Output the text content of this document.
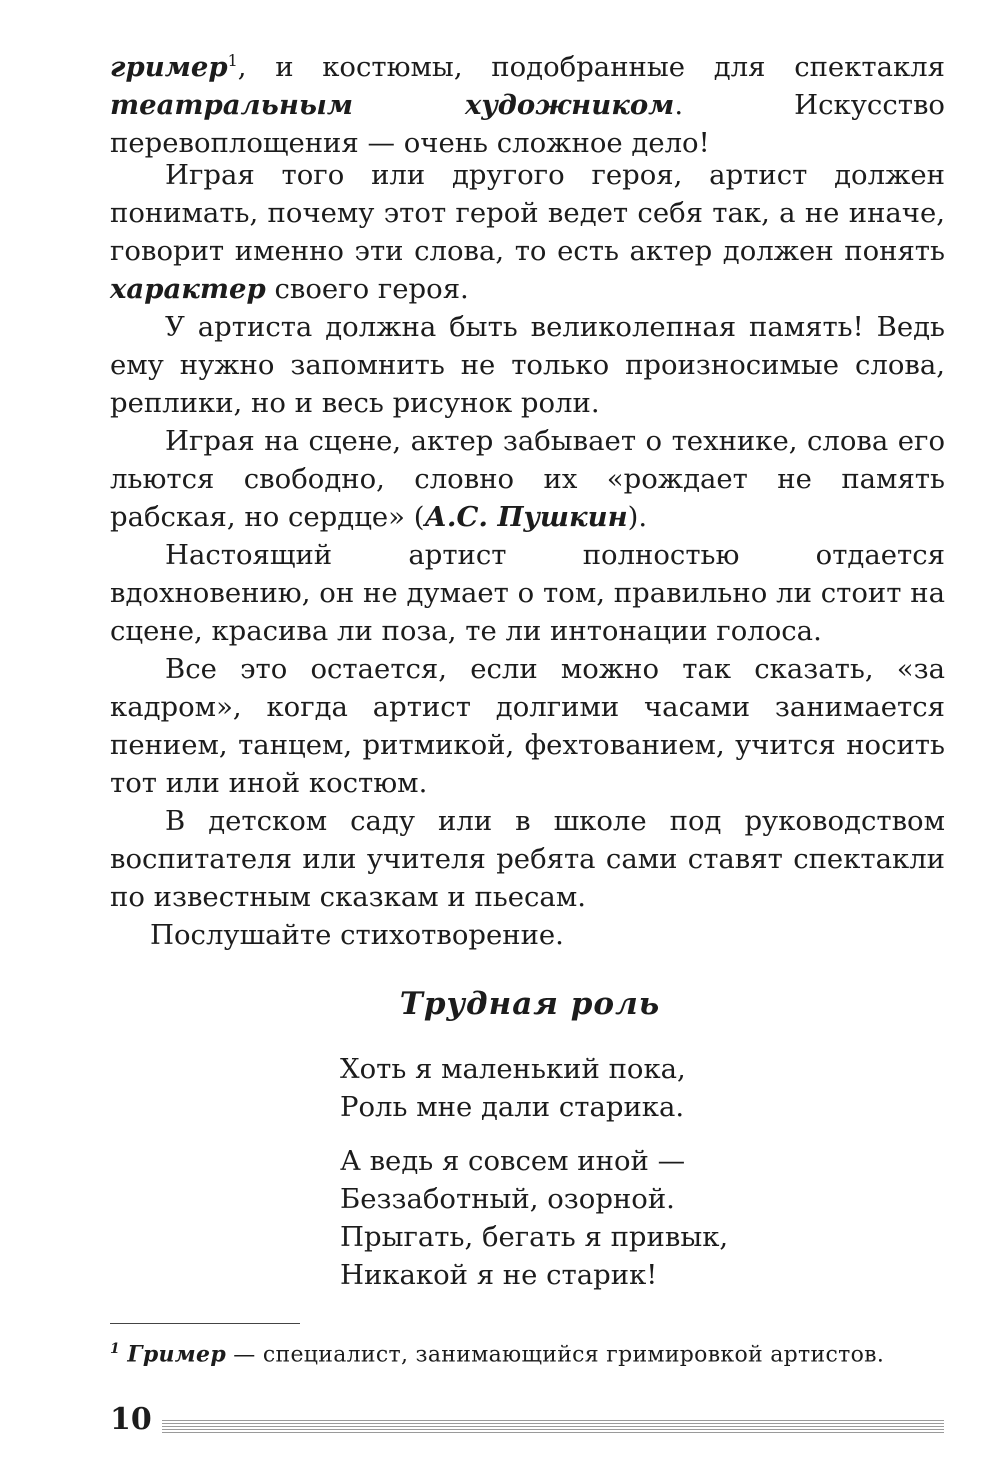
гример$^1$, и костюмы, подобранные для спектакля театральным художником. Искусство перевоплощения — очень сложное дело!

Играя того или другого героя, артист должен понимать, почему этот герой ведет себя так, а не иначе, говорит именно эти слова, то есть актер должен понять характер своего героя.

У артиста должна быть великолепная память! Ведь ему нужно запомнить не только произносимые слова, реплики, но и весь рисунок роли.

Играя на сцене, актер забывает о технике, слова его льются свободно, словно их «рождает не память рабская, но сердце» (А.С. Пушкин).

Настоящий артист полностью отдается вдохновению, он не думает о том, правильно ли стоит на сцене, красива ли поза, те ли интонации голоса.

Все это остается, если можно так сказать, «за кадром», когда артист долгими часами занимается пением, танцем, ритмикой, фехтованием, учится носить тот или иной костюм.

В детском саду или в школе под руководством воспитателя или учителя ребята сами ставят спектакли по известным сказкам и пьесам.

Послушайте стихотворение.

Трудная роль
Хоть я маленький пока,
Роль мне дали старика.
А ведь я совсем иной —
Беззаботный, озорной.
Прыгать, бегать я привык,
Никакой я не старик!

$^1$ Гример — специалист, занимающийся гримировкой артистов.

10
